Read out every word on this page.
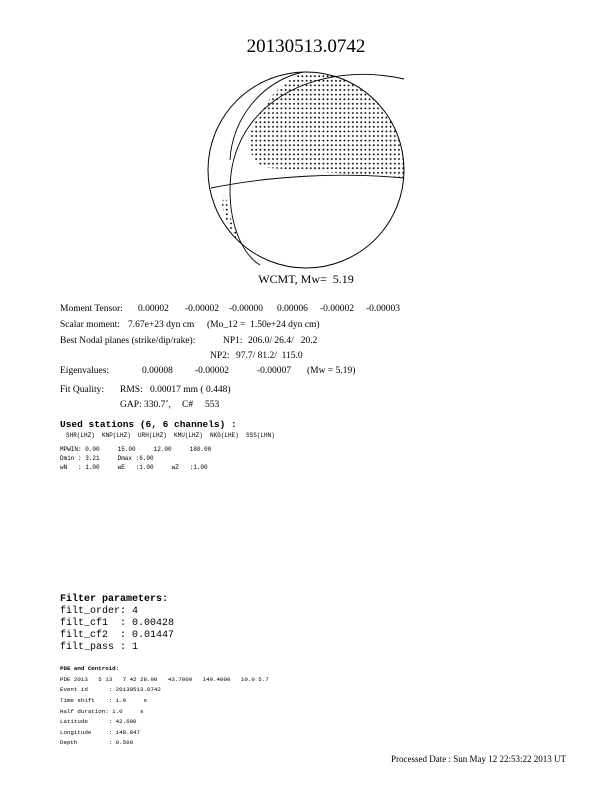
20130513.0742
WCMT, Mw=  5.19
Moment Tensor: 0.00002 -0.00002 -0.00000 0.00006 -0.00002 -0.00003
Scalar moment: 7.67e+23 dyn cm (Mo_12 =  1.50e+24 dyn cm)
Best Nodal planes (strike/dip/rake):	NP1: 206.0/ 26.4/   20.2
NP2: 97.7/ 81.2/  115.0
Eigenvalues:	0.00008 -0.00002	-0.00007 (Mw = 5.19)
Fit Quality: RMS: 0.00017 mm ( 0.448)
GAP: 330.7˚, C# 553
Used stations (6, 6 channels) :
SHR(LHZ)  KNP(LHZ)  URH(LHZ)  KMU(LHZ)  NKG(LHE)  SSS(LHN)
MPWIN: 0.00     15.00     12.00     180.00
Dmin : 3.21     Dmax :6.00
wN   : 1.00     wE   :1.00     wZ   :1.00
Filter parameters:
filt_order: 4
filt_cf1  : 0.00428
filt_cf2  : 0.01447
filt_pass : 1
PDE and Centroid:
PDE 2013   5 13   7 42 28.00   43.7000   149.4000   10.0 5.7
Event id      : 20130513.0742
Time shift    : 1.0     s
Half duration: 1.0     s
Latitude      : 42.600
Longitude     : 148.847
Depth         : 9.500
Processed Date : Sun May 12 22:53:22 2013 UT
